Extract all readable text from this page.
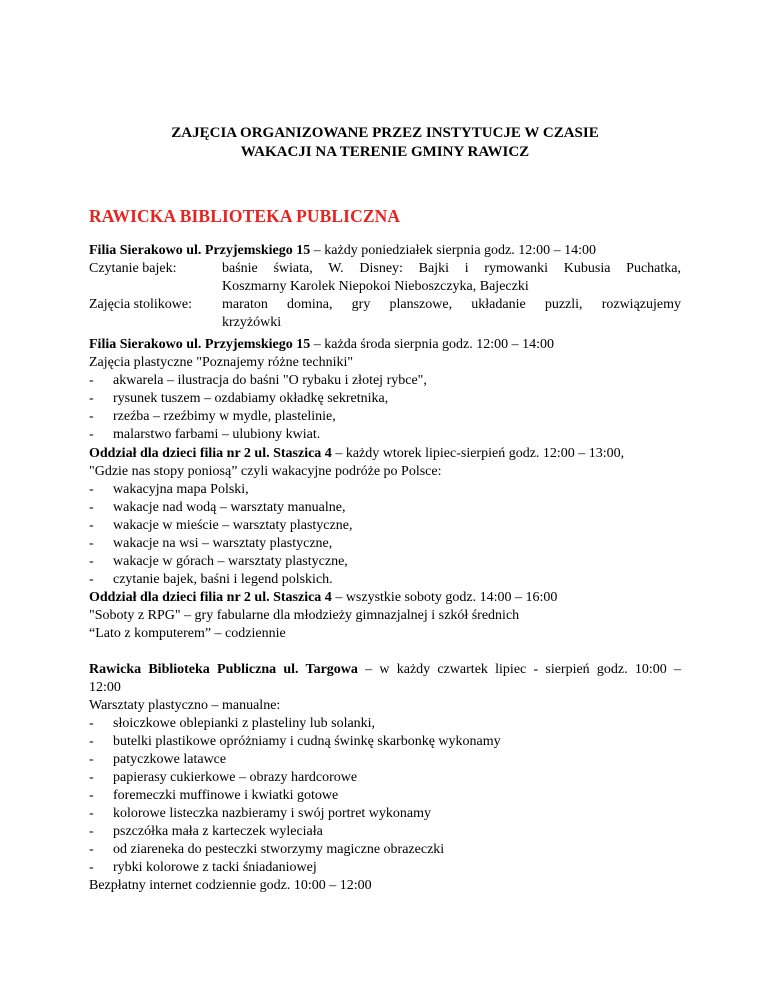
ZAJĘCIA ORGANIZOWANE PRZEZ INSTYTUCJE W CZASIE
WAKACJI NA TERENIE GMINY RAWICZ
RAWICKA BIBLIOTEKA PUBLICZNA
Filia Sierakowo ul. Przyjemskiego 15 – każdy poniedziałek sierpnia godz. 12:00 – 14:00
Czytanie bajek:	baśnie świata, W. Disney: Bajki i rymowanki Kubusia Puchatka,
Koszmarny Karolek Niepokoi Nieboszczyka, Bajeczki
Zajęcia stolikowe:	maraton domina, gry planszowe, układanie puzzli, rozwiązujemy
krzyżówki
Filia Sierakowo ul. Przyjemskiego 15 – każda środa sierpnia godz. 12:00 – 14:00
Zajęcia plastyczne "Poznajemy różne techniki"
-	akwarela – ilustracja do baśni "O rybaku i złotej rybce",
-	rysunek tuszem – ozdabiamy okładkę sekretnika,
-	rzeźba – rzeźbimy w mydle, plastelinie,
-	malarstwo farbami – ulubiony kwiat.
Oddział dla dzieci filia nr 2 ul. Staszica 4 – każdy wtorek lipiec-sierpień godz. 12:00 – 13:00,
"Gdzie nas stopy poniosą” czyli wakacyjne podróże po Polsce:
-	wakacyjna mapa Polski,
-	wakacje nad wodą – warsztaty manualne,
-	wakacje w mieście – warsztaty plastyczne,
-	wakacje na wsi – warsztaty plastyczne,
-	wakacje w górach – warsztaty plastyczne,
-	czytanie bajek, baśni i legend polskich.
Oddział dla dzieci filia nr 2 ul. Staszica 4 – wszystkie soboty godz. 14:00 – 16:00
"Soboty z RPG" – gry fabularne dla młodzieży gimnazjalnej i szkół średnich
“Lato z komputerem” – codziennie
Rawicka Biblioteka Publiczna ul. Targowa – w każdy czwartek lipiec - sierpień godz. 10:00 –
12:00
Warsztaty plastyczno – manualne:
-	słoiczkowe oblepianki z plasteliny lub solanki,
-	butelki plastikowe opróżniamy i cudną świnkę skarbonkę wykonamy
-	patyczkowe latawce
-	papierasy cukierkowe – obrazy hardcorowe
-	foremeczki muffinowe i kwiatki gotowe
-	kolorowe listeczka nazbieramy i swój portret wykonamy
-	pszczółka mała z karteczek wyleciała
-	od ziareneka do pesteczki stworzymy magiczne obrazeczki
-	rybki kolorowe z tacki śniadaniowej
Bezpłatny internet codziennie godz. 10:00 – 12:00
